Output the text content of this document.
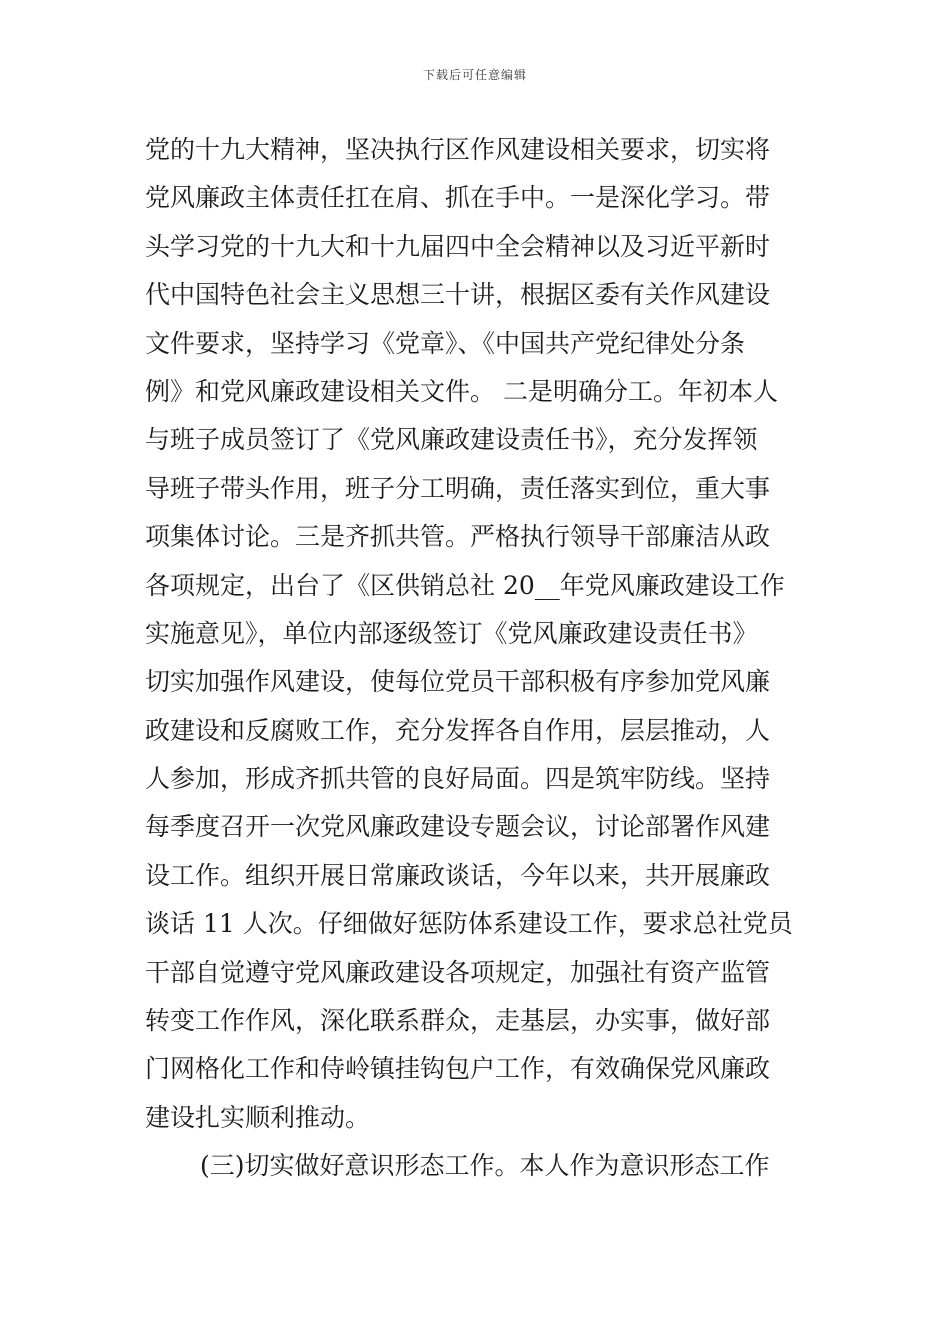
下载后可任意编辑
党的十九大精神，坚决执行区作风建设相关要求，切实将
党风廉政主体责任扛在肩、抓在手中。一是深化学习。带
头学习党的十九大和十九届四中全会精神以及习近平新时
代中国特色社会主义思想三十讲，根据区委有关作风建设
文件要求，坚持学习《党章》、《中国共产党纪律处分条
例》和党风廉政建设相关文件。 二是明确分工。年初本人
与班子成员签订了《党风廉政建设责任书》，充分发挥领
导班子带头作用，班子分工明确，责任落实到位，重大事
项集体讨论。三是齐抓共管。严格执行领导干部廉洁从政
各项规定，出台了《区供销总社 20__年党风廉政建设工作
实施意见》，单位内部逐级签订《党风廉政建设责任书》
切实加强作风建设，使每位党员干部积极有序参加党风廉
政建设和反腐败工作，充分发挥各自作用，层层推动，人
人参加，形成齐抓共管的良好局面。四是筑牢防线。坚持
每季度召开一次党风廉政建设专题会议，讨论部署作风建
设工作。组织开展日常廉政谈话，今年以来，共开展廉政
谈话 11 人次。仔细做好惩防体系建设工作，要求总社党员
干部自觉遵守党风廉政建设各项规定，加强社有资产监管
转变工作作风，深化联系群众，走基层，办实事，做好部
门网格化工作和侍岭镇挂钩包户工作，有效确保党风廉政
建设扎实顺利推动。
(三)切实做好意识形态工作。本人作为意识形态工作
